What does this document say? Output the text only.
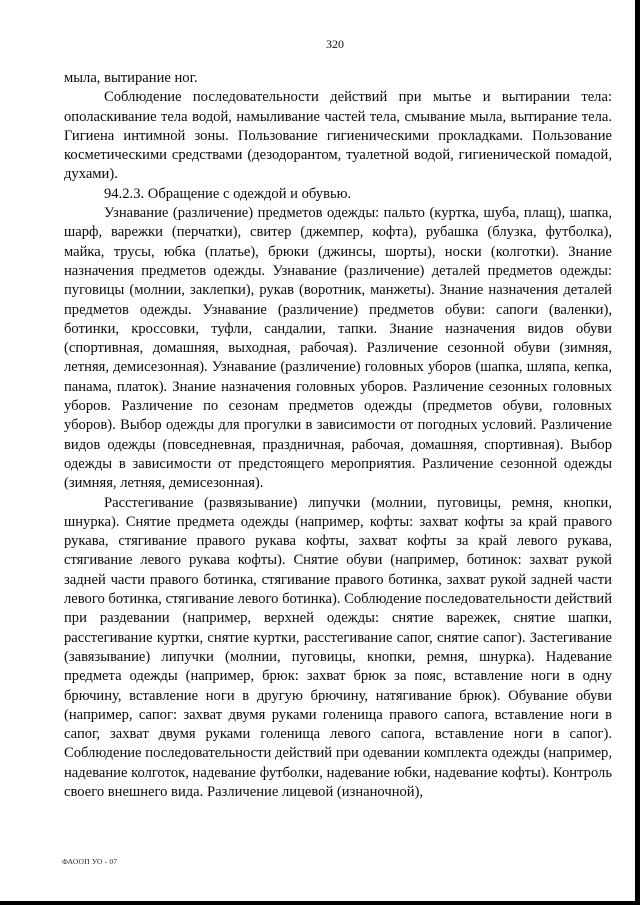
320

мыла, вытирание ног.

Соблюдение последовательности действий при мытье и вытирании тела: ополаскивание тела водой, намыливание частей тела, смывание мыла, вытирание тела. Гигиена интимной зоны. Пользование гигиеническими прокладками. Пользование косметическими средствами (дезодорантом, туалетной водой, гигиенической помадой, духами).

94.2.3. Обращение с одеждой и обувью.

Узнавание (различение) предметов одежды: пальто (куртка, шуба, плащ), шапка, шарф, варежки (перчатки), свитер (джемпер, кофта), рубашка (блузка, футболка), майка, трусы, юбка (платье), брюки (джинсы, шорты), носки (колготки). Знание назначения предметов одежды. Узнавание (различение) деталей предметов одежды: пуговицы (молнии, заклепки), рукав (воротник, манжеты). Знание назначения деталей предметов одежды. Узнавание (различение) предметов обуви: сапоги (валенки), ботинки, кроссовки, туфли, сандалии, тапки. Знание назначения видов обуви (спортивная, домашняя, выходная, рабочая). Различение сезонной обуви (зимняя, летняя, демисезонная). Узнавание (различение) головных уборов (шапка, шляпа, кепка, панама, платок). Знание назначения головных уборов. Различение сезонных головных уборов. Различение по сезонам предметов одежды (предметов обуви, головных уборов). Выбор одежды для прогулки в зависимости от погодных условий. Различение видов одежды (повседневная, праздничная, рабочая, домашняя, спортивная). Выбор одежды в зависимости от предстоящего мероприятия. Различение сезонной одежды (зимняя, летняя, демисезонная).

Расстегивание (развязывание) липучки (молнии, пуговицы, ремня, кнопки, шнурка). Снятие предмета одежды (например, кофты: захват кофты за край правого рукава, стягивание правого рукава кофты, захват кофты за край левого рукава, стягивание левого рукава кофты). Снятие обуви (например, ботинок: захват рукой задней части правого ботинка, стягивание правого ботинка, захват рукой задней части левого ботинка, стягивание левого ботинка). Соблюдение последовательности действий при раздевании (например, верхней одежды: снятие варежек, снятие шапки, расстегивание куртки, снятие куртки, расстегивание сапог, снятие сапог). Застегивание (завязывание) липучки (молнии, пуговицы, кнопки, ремня, шнурка). Надевание предмета одежды (например, брюк: захват брюк за пояс, вставление ноги в одну брючину, вставление ноги в другую брючину, натягивание брюк). Обувание обуви (например, сапог: захват двумя руками голенища правого сапога, вставление ноги в сапог, захват двумя руками голенища левого сапога, вставление ноги в сапог). Соблюдение последовательности действий при одевании комплекта одежды (например, надевание колготок, надевание футболки, надевание юбки, надевание кофты). Контроль своего внешнего вида. Различение лицевой (изнаночной),

ФАООП УО - 07
